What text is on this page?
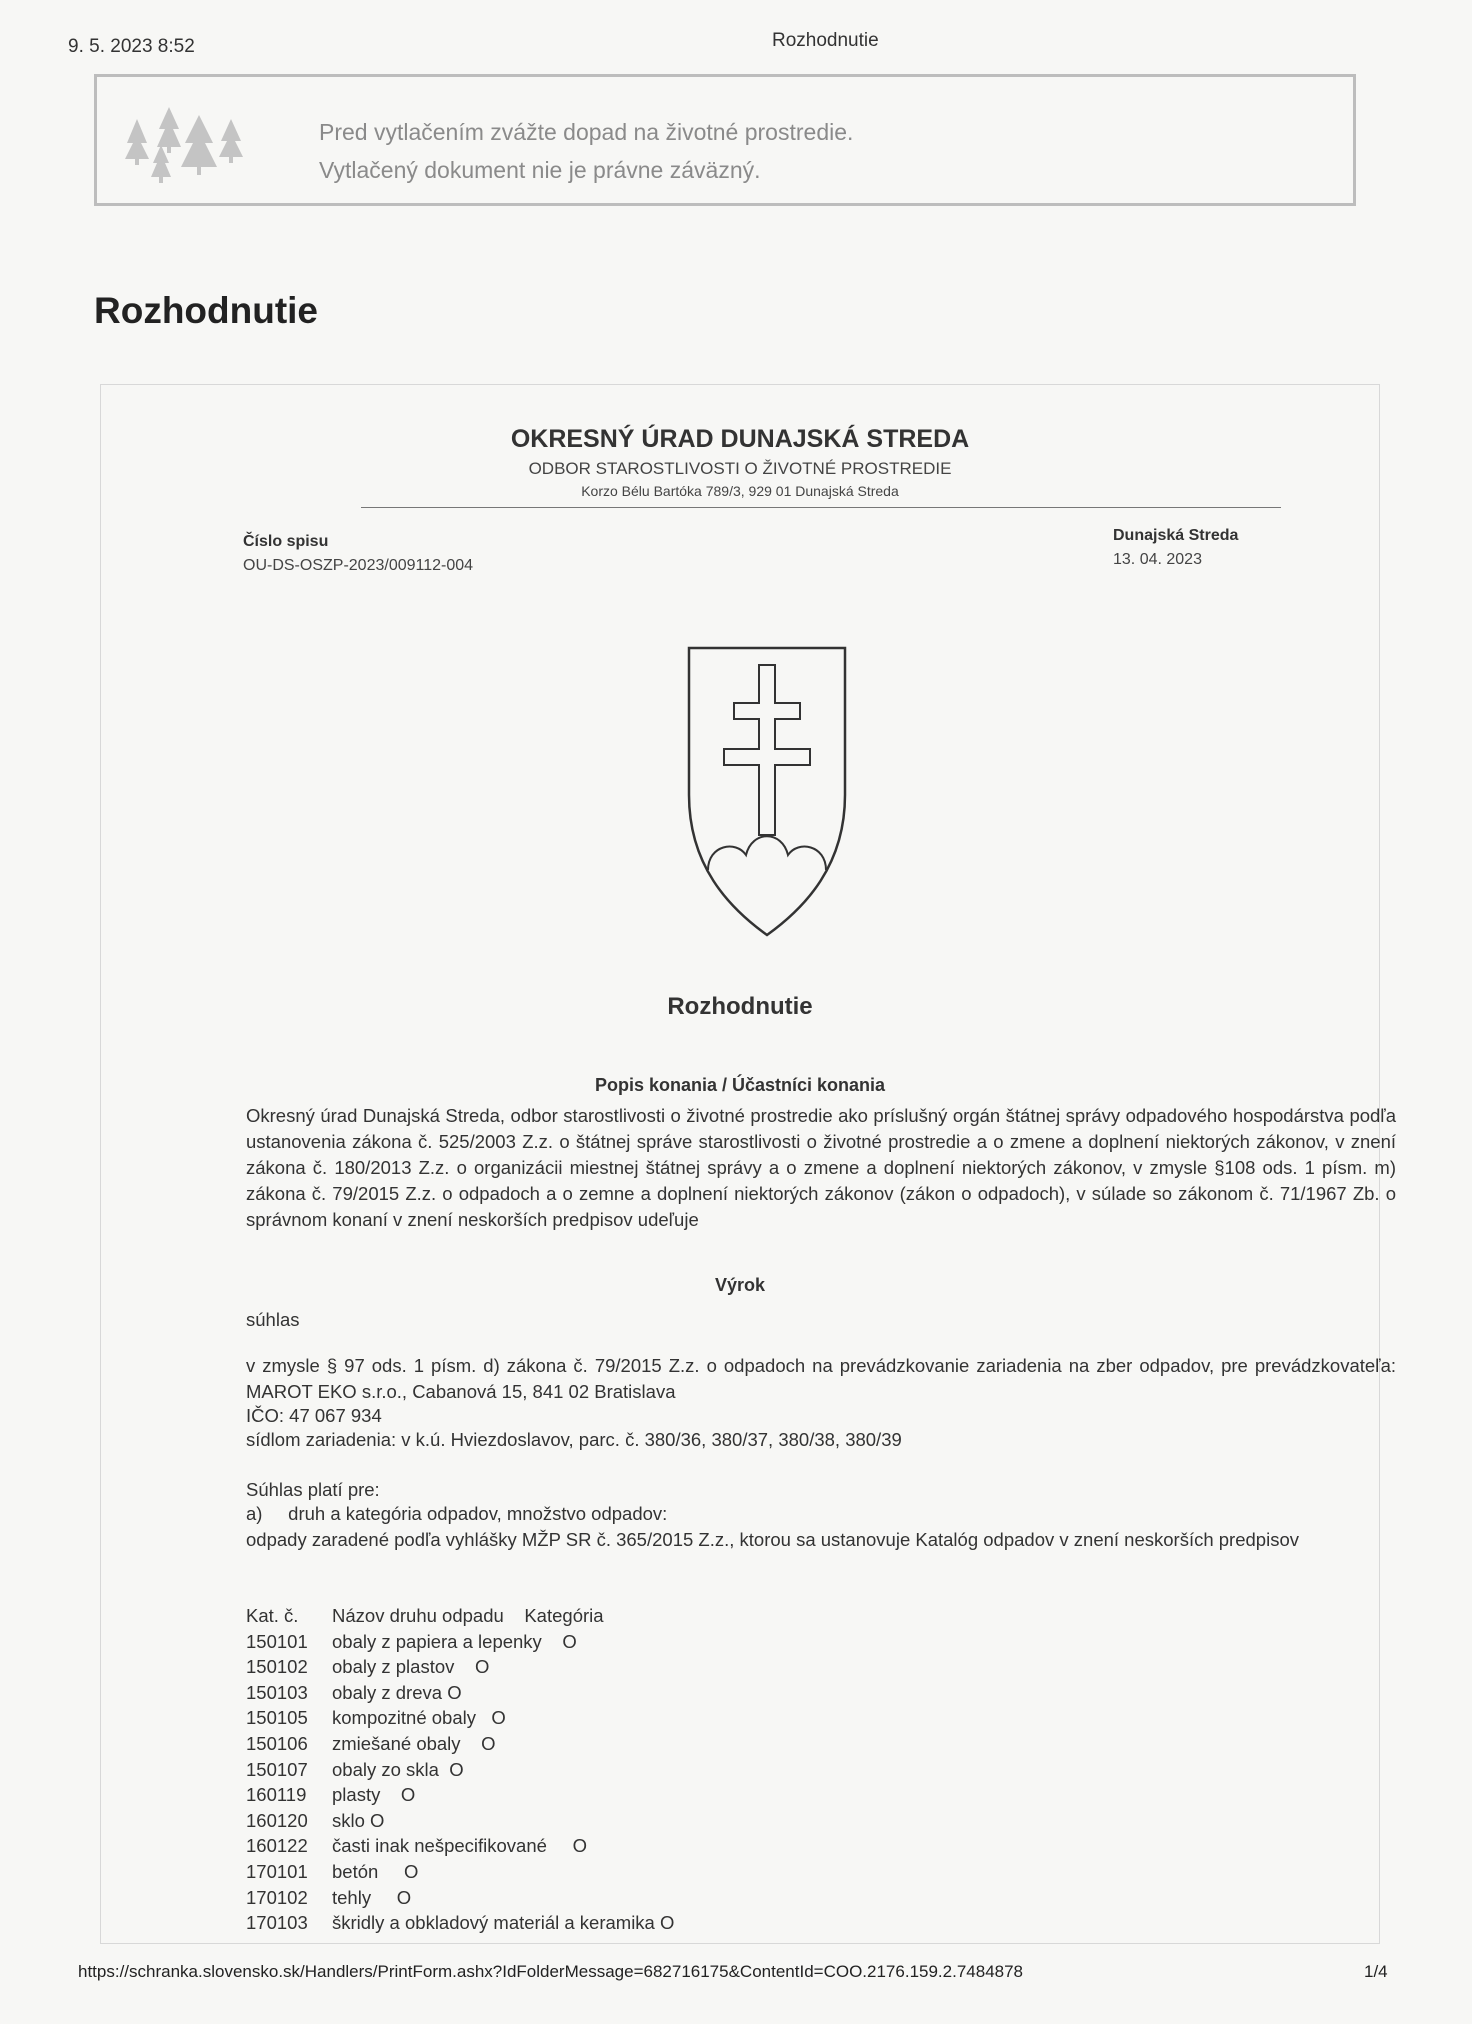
9. 5. 2023 8:52	Rozhodnutie
Pred vytlačením zvážte dopad na životné prostredie.
Vytlačený dokument nie je právne záväzný.
Rozhodnutie
OKRESNÝ ÚRAD DUNAJSKÁ STREDA
ODBOR STAROSTLIVOSTI O ŽIVOTNÉ PROSTREDIE
Korzo Bélu Bartóka 789/3, 929 01 Dunajská Streda
Číslo spisu
OU-DS-OSZP-2023/009112-004
Dunajská Streda
13. 04. 2023
Rozhodnutie
Popis konania / Účastníci konania
Okresný úrad Dunajská Streda, odbor starostlivosti o životné prostredie ako príslušný orgán štátnej správy odpadového hospodárstva podľa ustanovenia zákona č. 525/2003 Z.z. o štátnej správe starostlivosti o životné prostredie a o zmene a doplnení niektorých zákonov, v znení zákona č. 180/2013 Z.z. o organizácii miestnej štátnej správy a o zmene a doplnení niektorých zákonov, v zmysle §108 ods. 1 písm. m) zákona č. 79/2015 Z.z. o odpadoch a o zemne a doplnení niektorých zákonov (zákon o odpadoch), v súlade so zákonom č. 71/1967 Zb. o správnom konaní v znení neskorších predpisov udeľuje
Výrok
súhlas
v zmysle § 97 ods. 1 písm. d) zákona č. 79/2015 Z.z. o odpadoch na prevádzkovanie zariadenia na zber odpadov, pre prevádzkovateľa: MAROT EKO s.r.o., Cabanová 15, 841 02 Bratislava
IČO: 47 067 934
sídlom zariadenia: v k.ú. Hviezdoslavov, parc. č. 380/36, 380/37, 380/38, 380/39
Súhlas platí pre:
a)     druh a kategória odpadov, množstvo odpadov:
odpady zaradené podľa vyhlášky MŽP SR č. 365/2015 Z.z., ktorou sa ustanovuje Katalóg odpadov v znení neskorších predpisov
Kat. č.	Názov druhu odpadu Kategória
150101	obaly z papiera a lepenky O
150102	obaly z plastov O
150103	obaly z dreva O
150105	kompozitné obaly O
150106	zmiešané obaly O
150107	obaly zo skla O
160119	plasty O
160120	sklo O
160122	časti inak nešpecifikované O
170101	betón O
170102	tehly O
170103	škridly a obkladový materiál a keramika O
https://schranka.slovensko.sk/Handlers/PrintForm.ashx?IdFolderMessage=682716175&ContentId=COO.2176.159.2.7484878	1/4
